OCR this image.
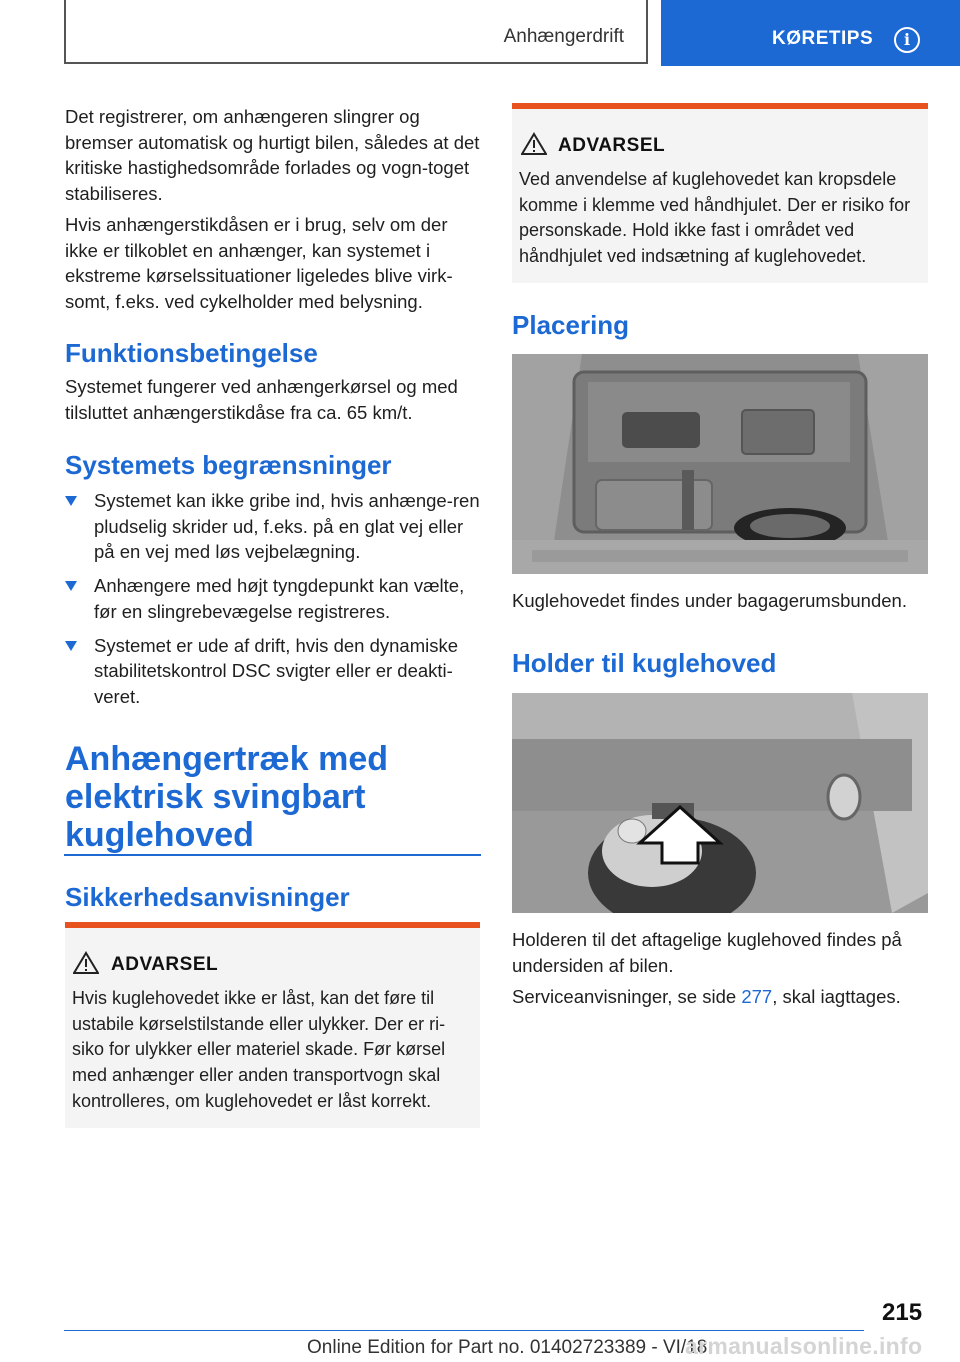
Anhængerdrift	KØRETIPS	i

Det registrerer, om anhængeren slingrer og bremser automatisk og hurtigt bilen, således at det kritiske hastighedsområde forlades og vogn-toget stabiliseres.

Hvis anhængerstikdåsen er i brug, selv om der ikke er tilkoblet en anhænger, kan systemet i ekstreme kørselssituationer ligeledes blive virk-somt, f.eks. ved cykelholder med belysning.

Funktionsbetingelse

Systemet fungerer ved anhængerkørsel og med tilsluttet anhængerstikdåse fra ca. 65 km/t.

Systemets begrænsninger

Systemet kan ikke gribe ind, hvis anhænge-ren pludselig skrider ud, f.eks. på en glat vej eller på en vej med løs vejbelægning.

Anhængere med højt tyngdepunkt kan vælte, før en slingrebevægelse registreres.

Systemet er ude af drift, hvis den dynamiske stabilitetskontrol DSC svigter eller er deakti-veret.

Anhængertræk med
elektrisk svingbart
kuglehoved
Sikkerhedsanvisninger
ADVARSEL

Hvis kuglehovedet ikke er låst, kan det føre til ustabile kørselstilstande eller ulykker. Der er ri-siko for ulykker eller materiel skade. Før kørsel med anhænger eller anden transportvogn skal kontrolleres, om kuglehovedet er låst korrekt.

ADVARSEL

Ved anvendelse af kuglehovedet kan kropsdele komme i klemme ved håndhjulet. Der er risiko for personskade. Hold ikke fast i området ved håndhjulet ved indsætning af kuglehovedet.

Placering

Kuglehovedet findes under bagagerumsbunden.

Holder til kuglehoved

Holderen til det aftagelige kuglehoved findes på undersiden af bilen.

Serviceanvisninger, se side 277, skal iagttages.

215
Online Edition for Part no. 01402723389 - VI/18
armanualsonline.info
